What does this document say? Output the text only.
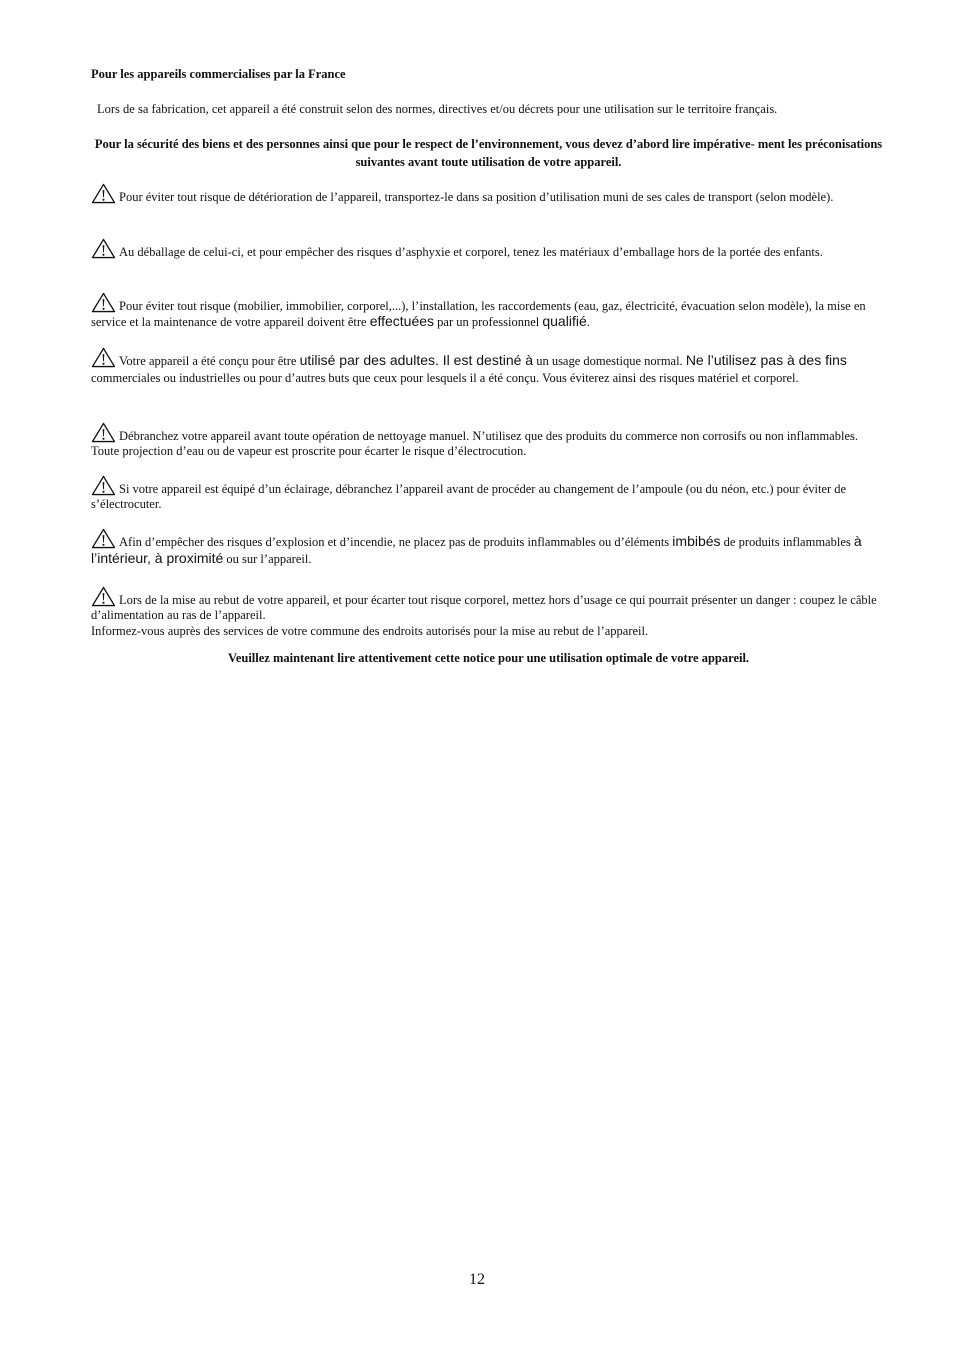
Pour les appareils commercialises par la France
Lors de sa fabrication, cet appareil a été construit selon des normes, directives et/ou décrets pour une utilisation sur le territoire français.
Pour la sécurité des biens et des personnes ainsi que pour le respect de l’environnement, vous devez d’abord lire impérative- ment les préconisations suivantes avant toute utilisation de votre appareil.
Pour éviter tout risque de détérioration de l’appareil, transportez-le dans sa position d’utilisation muni de ses cales de transport (selon modèle).
Au déballage de celui-ci, et pour empêcher des risques d’asphyxie et corporel, tenez les matériaux d’emballage hors de la portée des enfants.
Pour éviter tout risque (mobilier, immobilier, corporel,...), l’installation, les raccordements (eau, gaz, électricité, évacuation selon modèle), la mise en service et la maintenance de votre appareil doivent être effectuées par un professionnel qualifié.
Votre appareil a été conçu pour être utilisé par des adultes. Il est destiné à un usage domestique normal. Ne l’utilisez pas à des fins commerciales ou industrielles ou pour d’autres buts que ceux pour lesquels il a été conçu. Vous éviterez ainsi des risques matériel et corporel.
Débranchez votre appareil avant toute opération de nettoyage manuel. N’utilisez que des produits du commerce non corrosifs ou non inflammables. Toute projection d’eau ou de vapeur est proscrite pour écarter le risque d’électrocution.
Si votre appareil est équipé d’un éclairage, débranchez l’appareil avant de procéder au changement de l’ampoule (ou du néon, etc.) pour éviter de s’électrocuter.
Afin d’empêcher des risques d’explosion et d’incendie, ne placez pas de produits inflammables ou d’éléments imbibés de produits inflammables à l’intérieur, à proximité ou sur l’appareil.
Lors de la mise au rebut de votre appareil, et pour écarter tout risque corporel, mettez hors d’usage ce qui pourrait présenter un danger : coupez le câble d’alimentation au ras de l’appareil.
Informez-vous auprès des services de votre commune des endroits autorisés pour la mise au rebut de l’appareil.
Veuillez maintenant lire attentivement cette notice pour une utilisation optimale de votre appareil.
12
